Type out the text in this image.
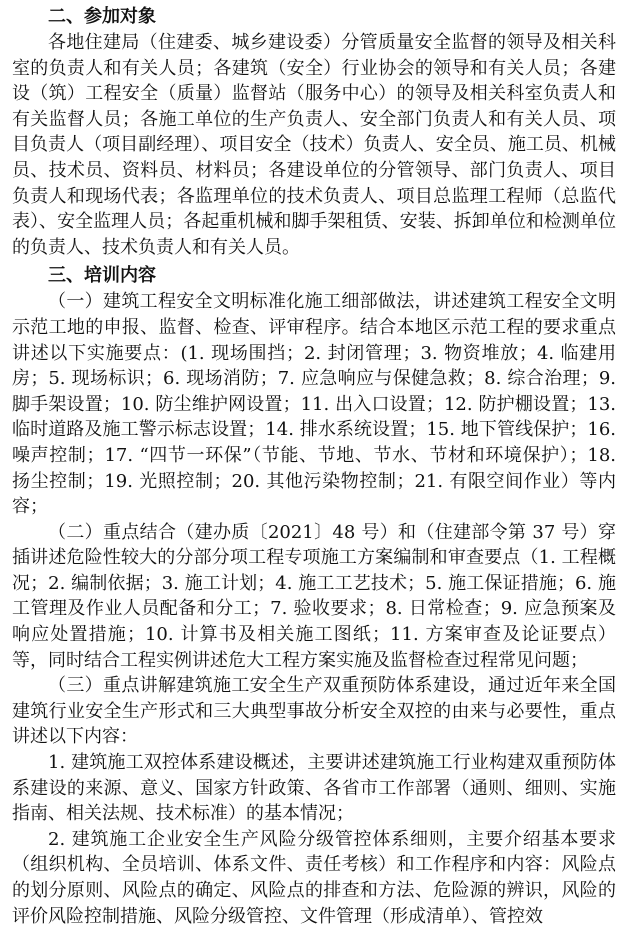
二、参加对象

各地住建局（住建委、城乡建设委）分管质量安全监督的领导及相关科室的负责人和有关人员；各建筑（安全）行业协会的领导和有关人员；各建设（筑）工程安全（质量）监督站（服务中心）的领导及相关科室负责人和有关监督人员；各施工单位的生产负责人、安全部门负责人和有关人员、项目负责人（项目副经理）、项目安全（技术）负责人、安全员、施工员、机械员、技术员、资料员、材料员；各建设单位的分管领导、部门负责人、项目负责人和现场代表；各监理单位的技术负责人、项目总监理工程师（总监代表）、安全监理人员；各起重机械和脚手架租赁、安装、拆卸单位和检测单位的负责人、技术负责人和有关人员。

三、培训内容

（一）建筑工程安全文明标准化施工细部做法，讲述建筑工程安全文明示范工地的申报、监督、检查、评审程序。结合本地区示范工程的要求重点讲述以下实施要点：(1. 现场围挡；2. 封闭管理；3. 物资堆放；4. 临建用房；5. 现场标识；6. 现场消防；7. 应急响应与保健急救；8. 综合治理；9. 脚手架设置；10. 防尘维护网设置；11. 出入口设置；12. 防护棚设置；13. 临时道路及施工警示标志设置；14. 排水系统设置；15. 地下管线保护；16. 噪声控制；17. “四节一环保”（节能、节地、节水、节材和环境保护）；18. 扬尘控制；19. 光照控制；20. 其他污染物控制；21. 有限空间作业）等内容；

（二）重点结合（建办质〔2021〕48 号）和（住建部令第 37 号）穿插讲述危险性较大的分部分项工程专项施工方案编制和审查要点（1. 工程概况；2. 编制依据；3. 施工计划；4. 施工工艺技术；5. 施工保证措施；6. 施工管理及作业人员配备和分工；7. 验收要求；8. 日常检查；9. 应急预案及响应处置措施；10. 计算书及相关施工图纸；11. 方案审查及论证要点）等，同时结合工程实例讲述危大工程方案实施及监督检查过程常见问题；

（三）重点讲解建筑施工安全生产双重预防体系建设，通过近年来全国建筑行业安全生产形式和三大典型事故分析安全双控的由来与必要性，重点讲述以下内容：

1. 建筑施工双控体系建设概述，主要讲述建筑施工行业构建双重预防体系建设的来源、意义、国家方针政策、各省市工作部署（通则、细则、实施指南、相关法规、技术标准）的基本情况；

2. 建筑施工企业安全生产风险分级管控体系细则，主要介绍基本要求（组织机构、全员培训、体系文件、责任考核）和工作程序和内容：风险点的划分原则、风险点的确定、风险点的排查和方法、危险源的辨识，风险的评价风险控制措施、风险分级管控、文件管理（形成清单）、管控效
